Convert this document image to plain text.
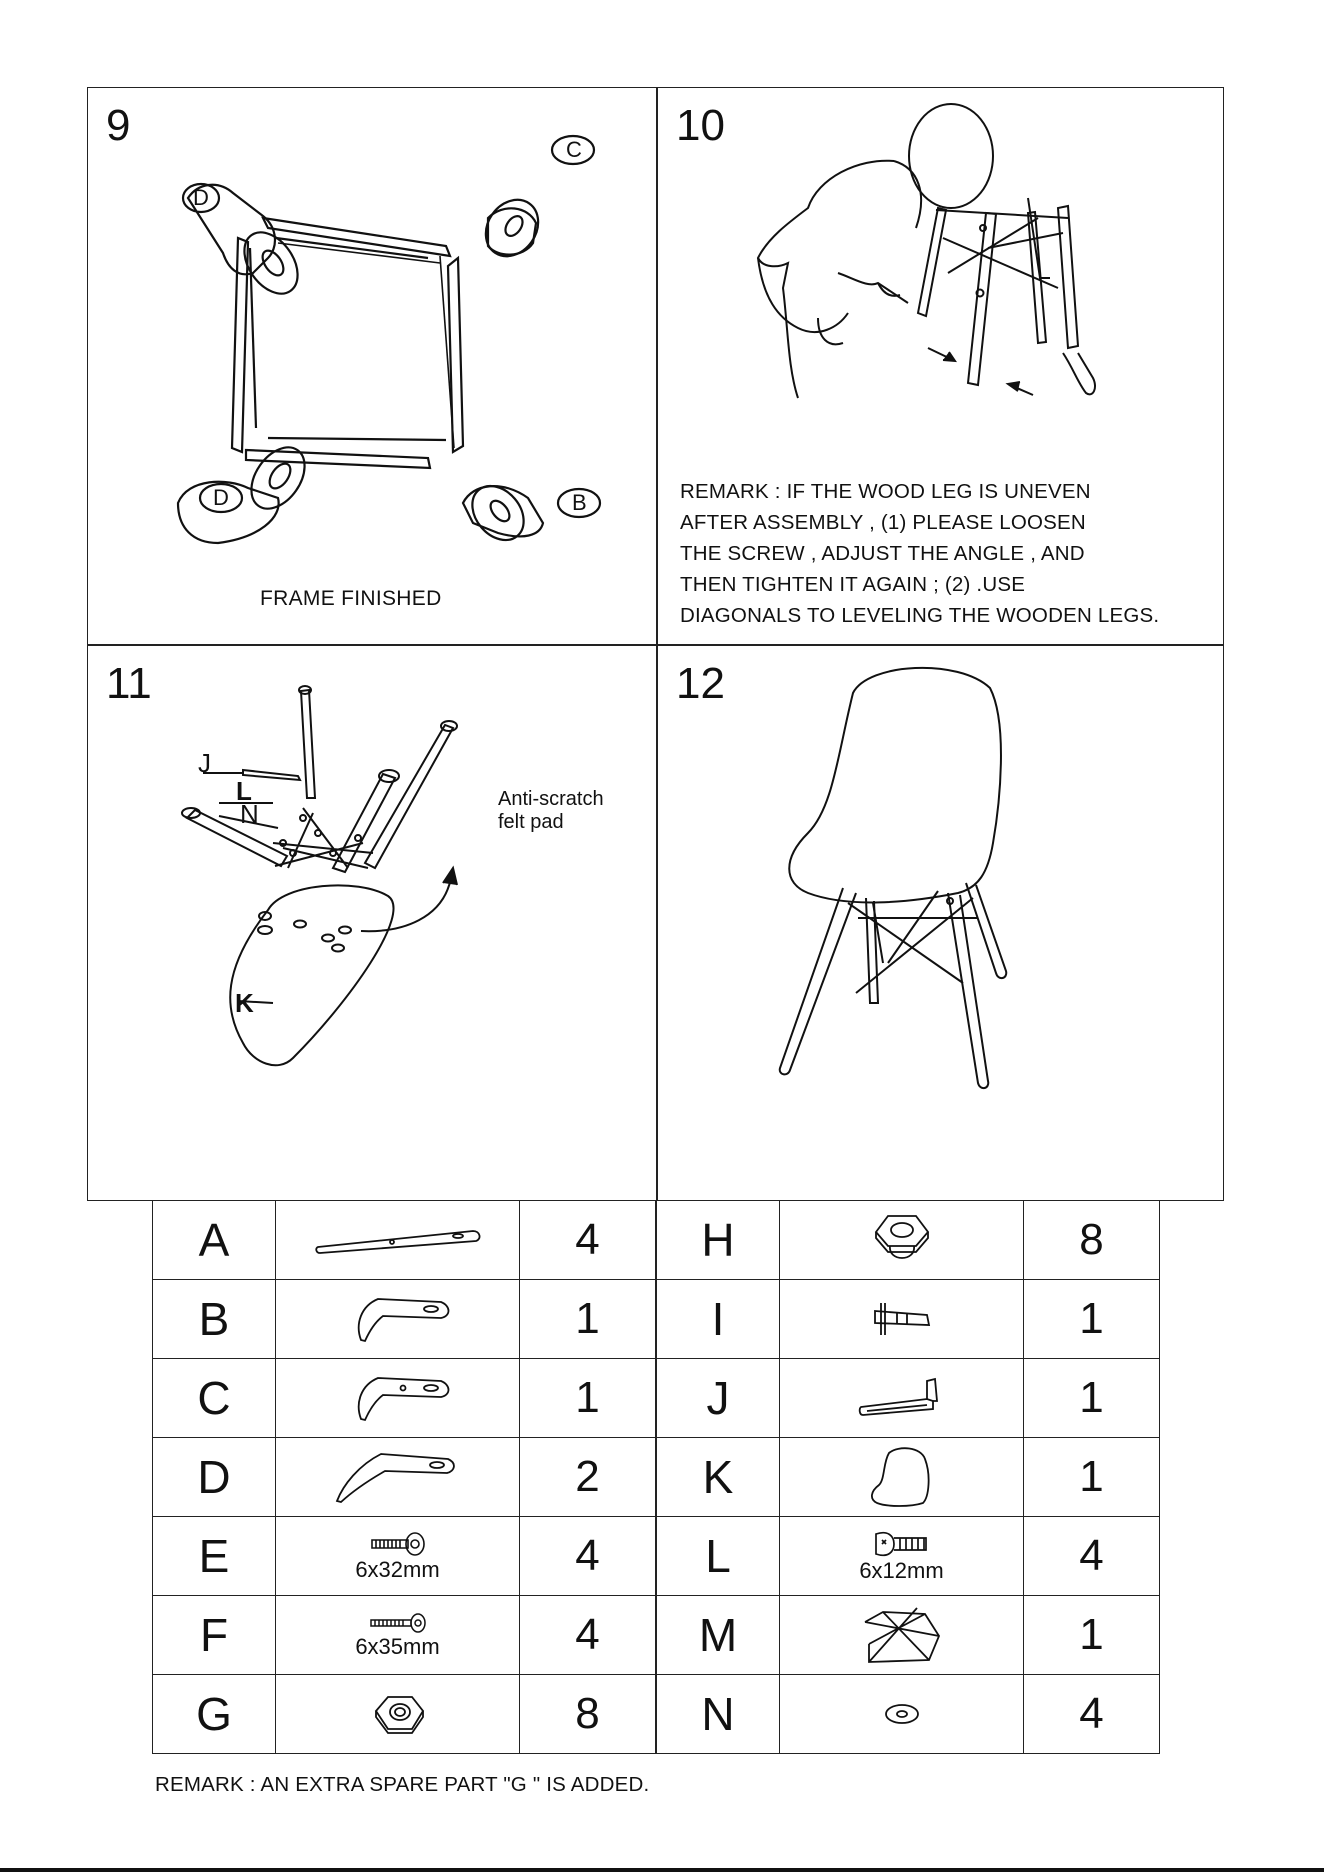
9
D
C
D	B
FRAME FINISHED
10
REMARK : IF THE WOOD LEG IS UNEVEN
AFTER ASSEMBLY , (1) PLEASE LOOSEN
THE SCREW , ADJUST THE ANGLE , AND
THEN TIGHTEN IT AGAIN ; (2) .USE
DIAGONALS TO LEVELING THE WOODEN LEGS.
11
J
L
N
K
Anti-scratch
felt pad
12
A		4
B		1
C		1
D		2
E	6x32mm	4
F	6x35mm	4
G		8
H		8
I		1
J		1
K		1
L	6x12mm	4
M		1
N		4
REMARK : AN EXTRA SPARE PART "G " IS ADDED.
